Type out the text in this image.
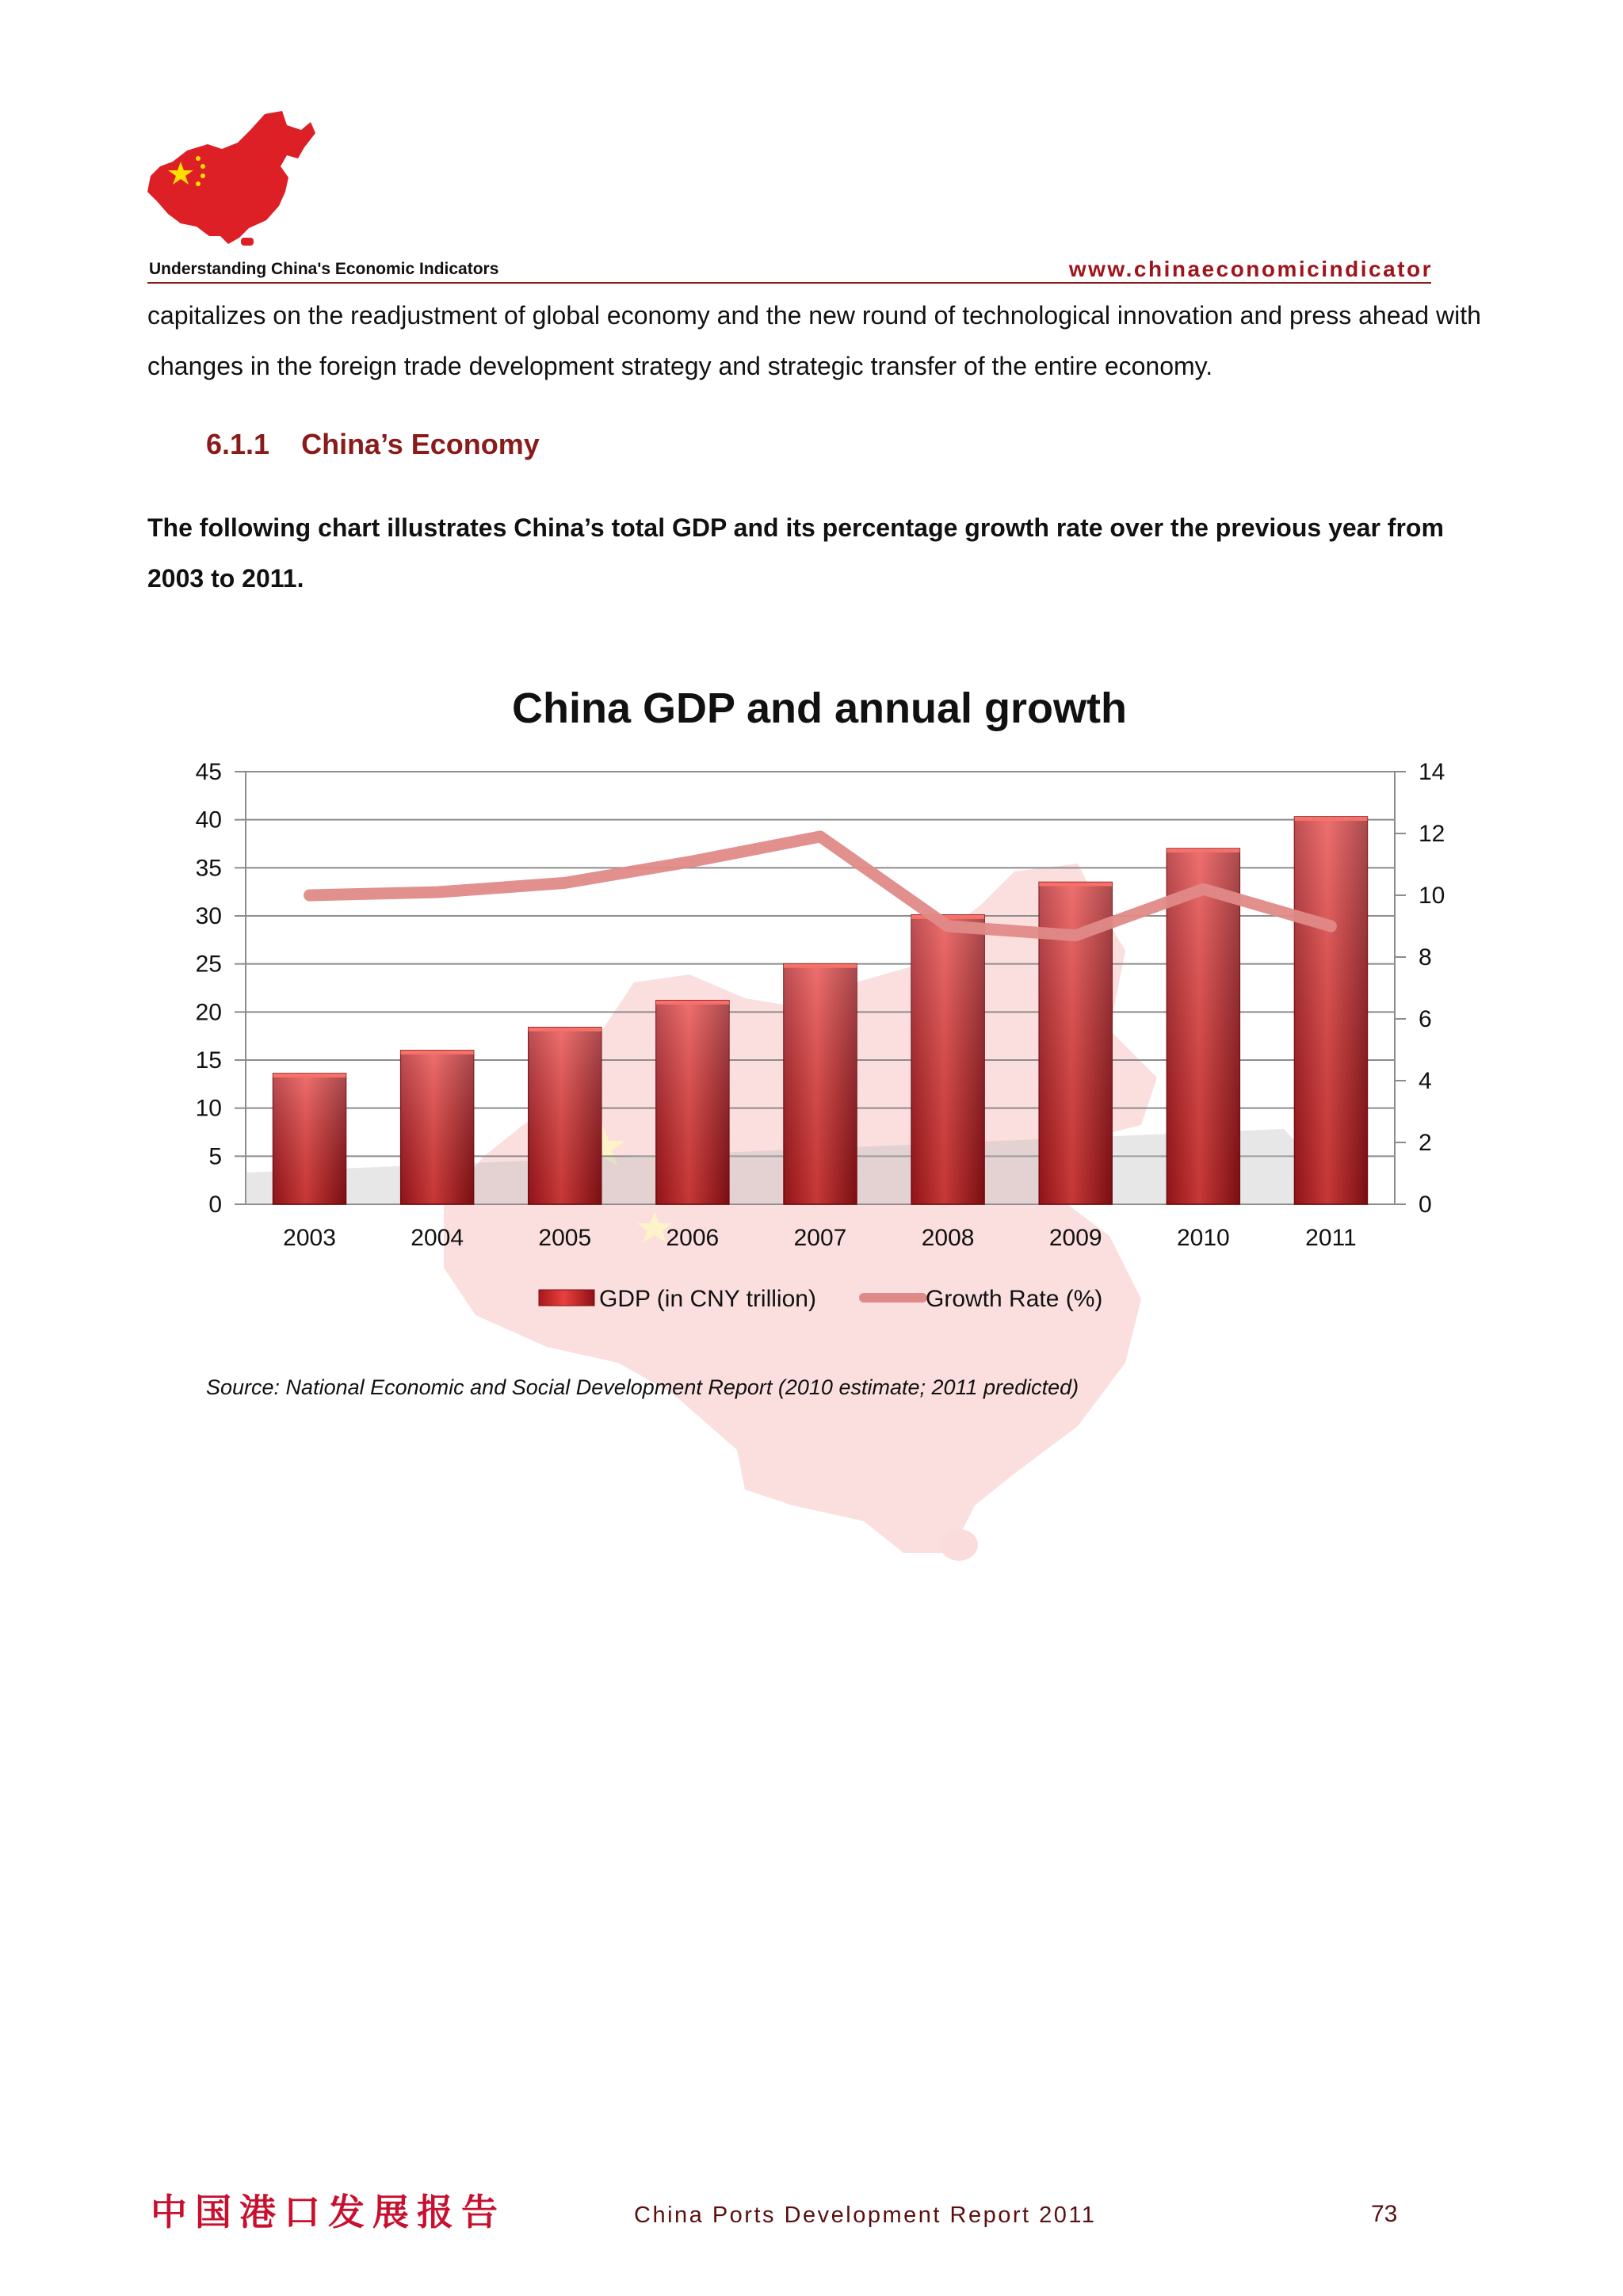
Understanding China's Economic Indicators	www.chinaeconomicindicator
capitalizes on the readjustment of global economy and the new round of technological innovation and press ahead with changes in the foreign trade development strategy and strategic transfer of the entire economy.
6.1.1 China’s Economy
The following chart illustrates China’s total GDP and its percentage growth rate over the previous year from 2003 to 2011.
China GDP and annual growth
0
5
10
15
20
25
30
35
40
45
0
2
4
6
8
10
12
14
2003	2004	2005	2006	2007	2008	2009	2010	2011
GDP (in CNY trillion)	Growth Rate (%)
Source: National Economic and Social Development Report (2010 estimate; 2011 predicted)
中国港口发展报告	China Ports Development Report 2011	73
